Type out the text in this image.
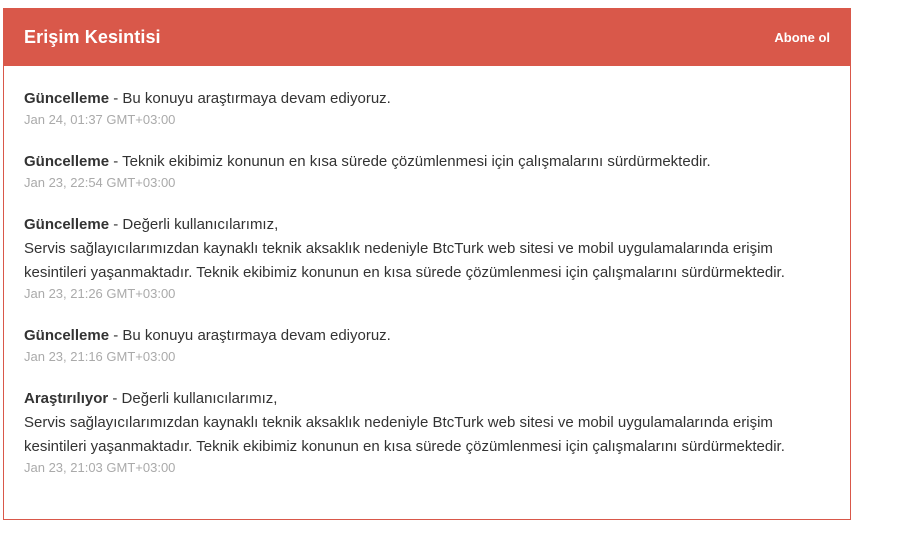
Erişim Kesintisi	Abone ol
Güncelleme - Bu konuyu araştırmaya devam ediyoruz.
Jan 24, 01:37 GMT+03:00
Güncelleme - Teknik ekibimiz konunun en kısa sürede çözümlenmesi için çalışmalarını sürdürmektedir.
Jan 23, 22:54 GMT+03:00
Güncelleme - Değerli kullanıcılarımız,
Servis sağlayıcılarımızdan kaynaklı teknik aksaklık nedeniyle BtcTurk web sitesi ve mobil uygulamalarında erişim
kesintileri yaşanmaktadır. Teknik ekibimiz konunun en kısa sürede çözümlenmesi için çalışmalarını sürdürmektedir.
Jan 23, 21:26 GMT+03:00
Güncelleme - Bu konuyu araştırmaya devam ediyoruz.
Jan 23, 21:16 GMT+03:00
Araştırılıyor - Değerli kullanıcılarımız,
Servis sağlayıcılarımızdan kaynaklı teknik aksaklık nedeniyle BtcTurk web sitesi ve mobil uygulamalarında erişim
kesintileri yaşanmaktadır. Teknik ekibimiz konunun en kısa sürede çözümlenmesi için çalışmalarını sürdürmektedir.
Jan 23, 21:03 GMT+03:00
